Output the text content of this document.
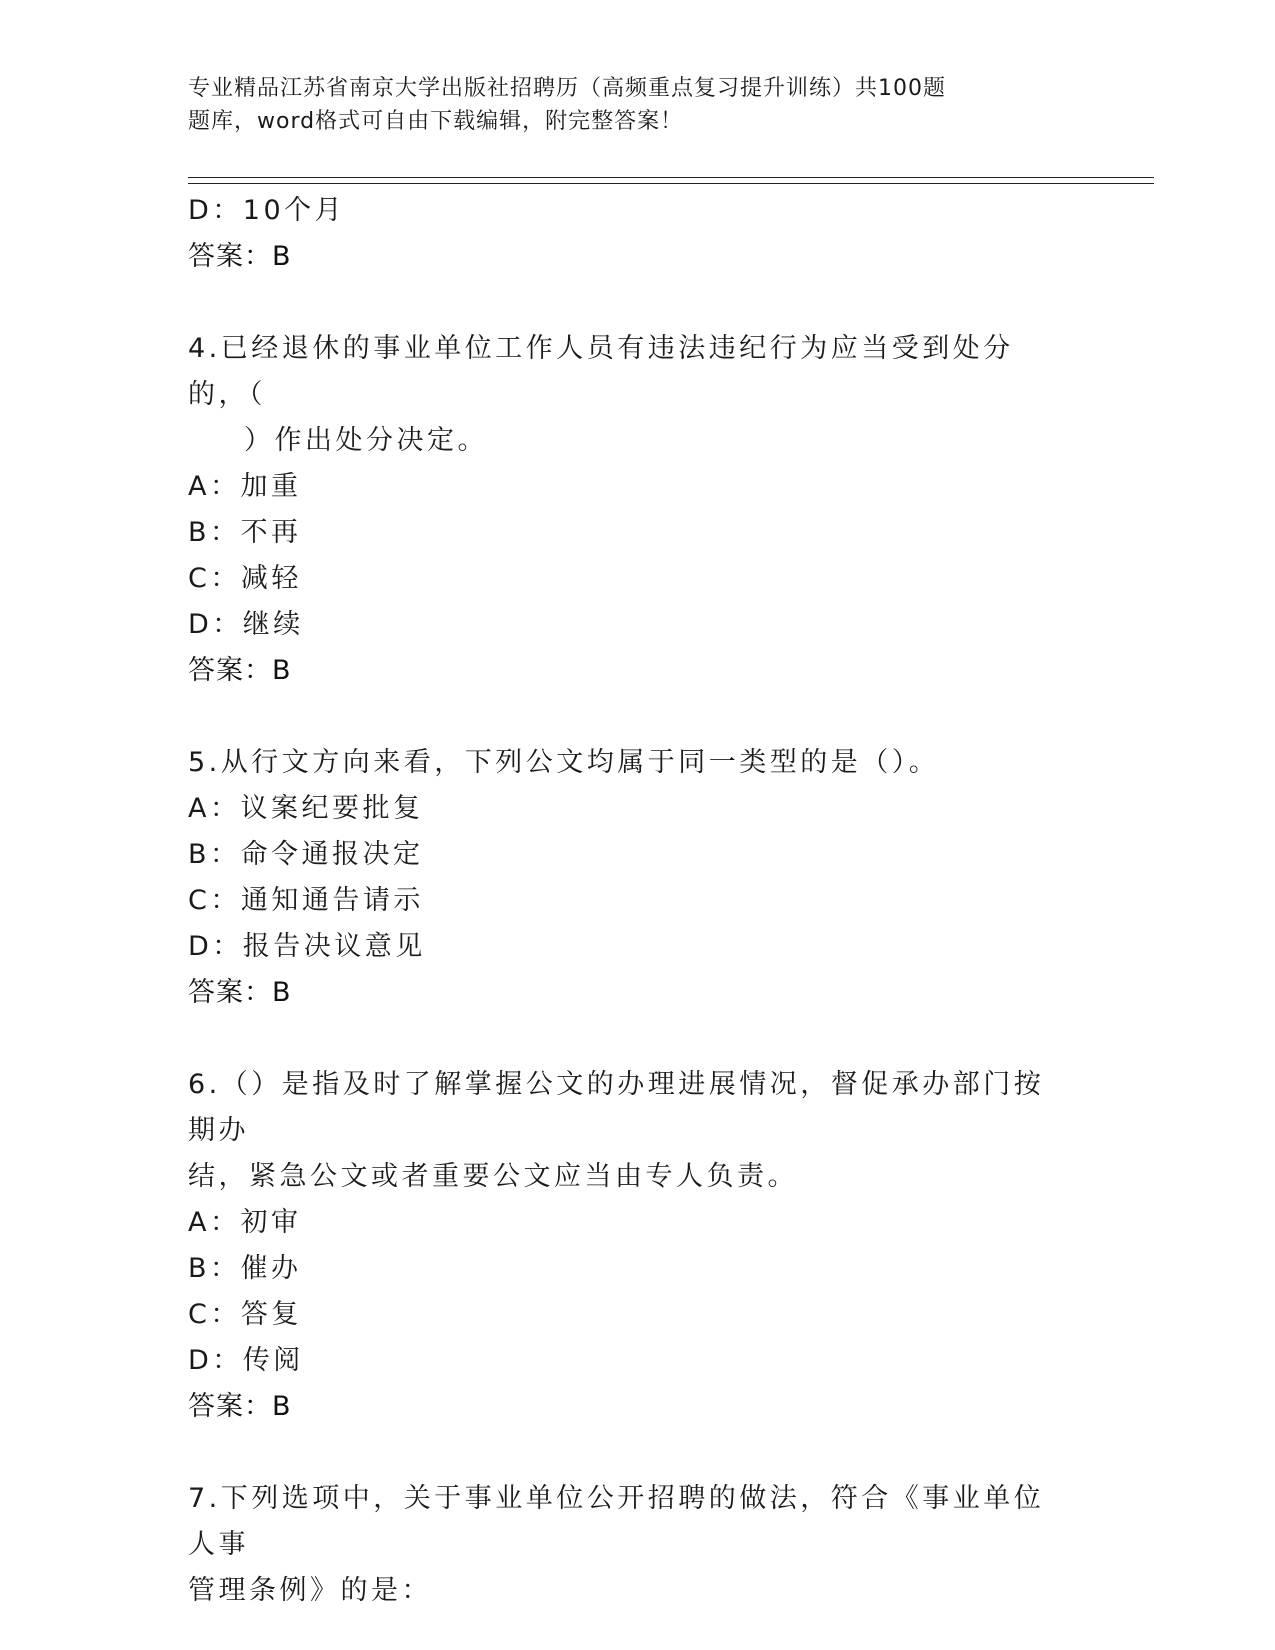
专业精品江苏省南京大学出版社招聘历（高频重点复习提升训练）共100题
题库，word格式可自由下载编辑，附完整答案！
D：10个月
答案：B
4.已经退休的事业单位工作人员有违法违纪行为应当受到处分的，（
）作出处分决定。
A：加重
B：不再
C：减轻
D：继续
答案：B
5.从行文方向来看，下列公文均属于同一类型的是（）。
A：议案纪要批复
B：命令通报决定
C：通知通告请示
D：报告决议意见
答案：B
6.（）是指及时了解掌握公文的办理进展情况，督促承办部门按期办
结，紧急公文或者重要公文应当由专人负责。
A：初审
B：催办
C：答复
D：传阅
答案：B
7.下列选项中，关于事业单位公开招聘的做法，符合《事业单位人事
管理条例》的是：
